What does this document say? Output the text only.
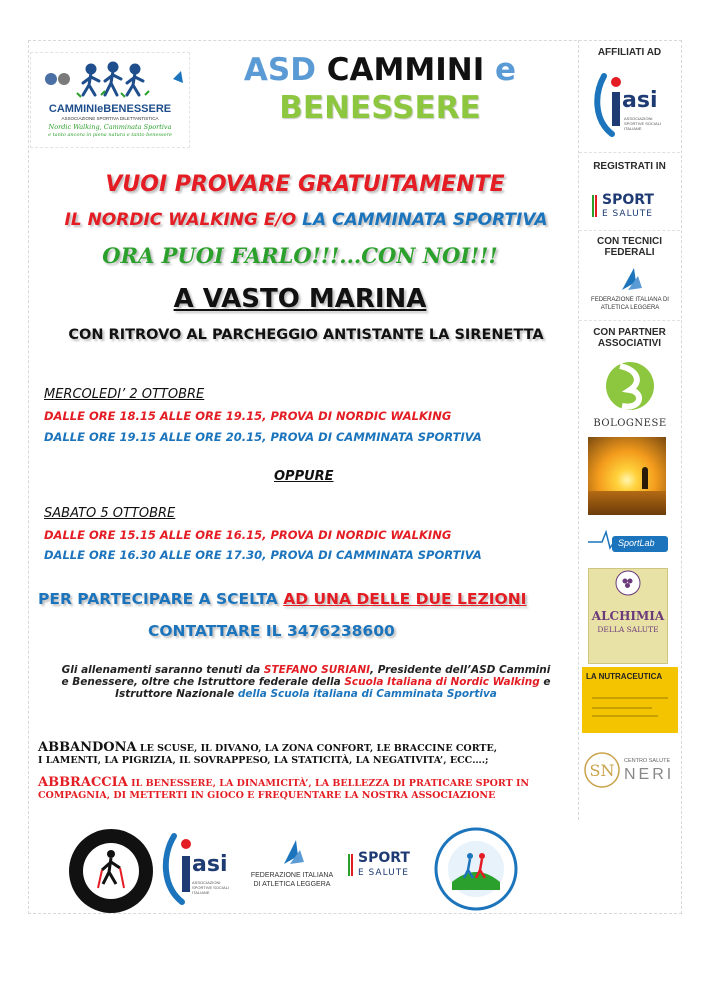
CAMMINIeBENESSERE
ASSOCIAZIONE SPORTIVA DILETTANTISTICA
Nordic Walking, Camminata Sportiva
e tanto ancora in piena natura e tanto benessere
ASD CAMMINI e
BENESSERE
VUOI PROVARE GRATUITAMENTE
IL NORDIC WALKING E/O LA CAMMINATA SPORTIVA
ORA PUOI FARLO!!!...CON NOI!!!
A VASTO MARINA
CON RITROVO AL PARCHEGGIO ANTISTANTE LA SIRENETTA
MERCOLEDI’ 2 OTTOBRE
DALLE ORE 18.15 ALLE ORE 19.15, PROVA DI NORDIC WALKING
DALLE ORE 19.15 ALLE ORE 20.15, PROVA DI CAMMINATA SPORTIVA
OPPURE
SABATO 5 OTTOBRE
DALLE ORE 15.15 ALLE ORE 16.15, PROVA DI NORDIC WALKING
DALLE ORE 16.30 ALLE ORE 17.30, PROVA DI CAMMINATA SPORTIVA
PER PARTECIPARE A SCELTA AD UNA DELLE DUE LEZIONI
CONTATTARE IL 3476238600
Gli allenamenti saranno tenuti da STEFANO SURIANI, Presidente dell’ASD Cammini
e Benessere, oltre che Istruttore federale della Scuola Italiana di Nordic Walking e
Istruttore Nazionale della Scuola italiana di Camminata Sportiva
ABBANDONA LE SCUSE, IL DIVANO, LA ZONA CONFORT, LE BRACCINE CORTE,
I LAMENTI, LA PIGRIZIA, IL SOVRAPPESO, LA STATICITÀ, LA NEGATIVITA’, ECC….;
ABBRACCIA IL BENESSERE, LA DINAMICITÀ’, LA BELLEZZA DI PRATICARE SPORT IN
COMPAGNIA, DI METTERTI IN GIOCO E FREQUENTARE LA NOSTRA ASSOCIAZIONE
AFFILIATI AD
asi
ASSOCIAZIONI SPORTIVE SOCIALI ITALIANE
REGISTRATI IN
SPORT
E SALUTE
CON TECNICI FEDERALI
FEDERAZIONE ITALIANA DI ATLETICA LEGGERA
CON PARTNER ASSOCIATIVI
BOLOGNESE
SportLab
ALCHIMIA
DELLA SALUTE
LA NUTRACEUTICA
SN CENTRO SALUTE
NERI
asi
ASSOCIAZIONI SPORTIVE SOCIALI ITALIANE
FEDERAZIONE ITALIANA
DI ATLETICA LEGGERA
SPORT
E SALUTE
